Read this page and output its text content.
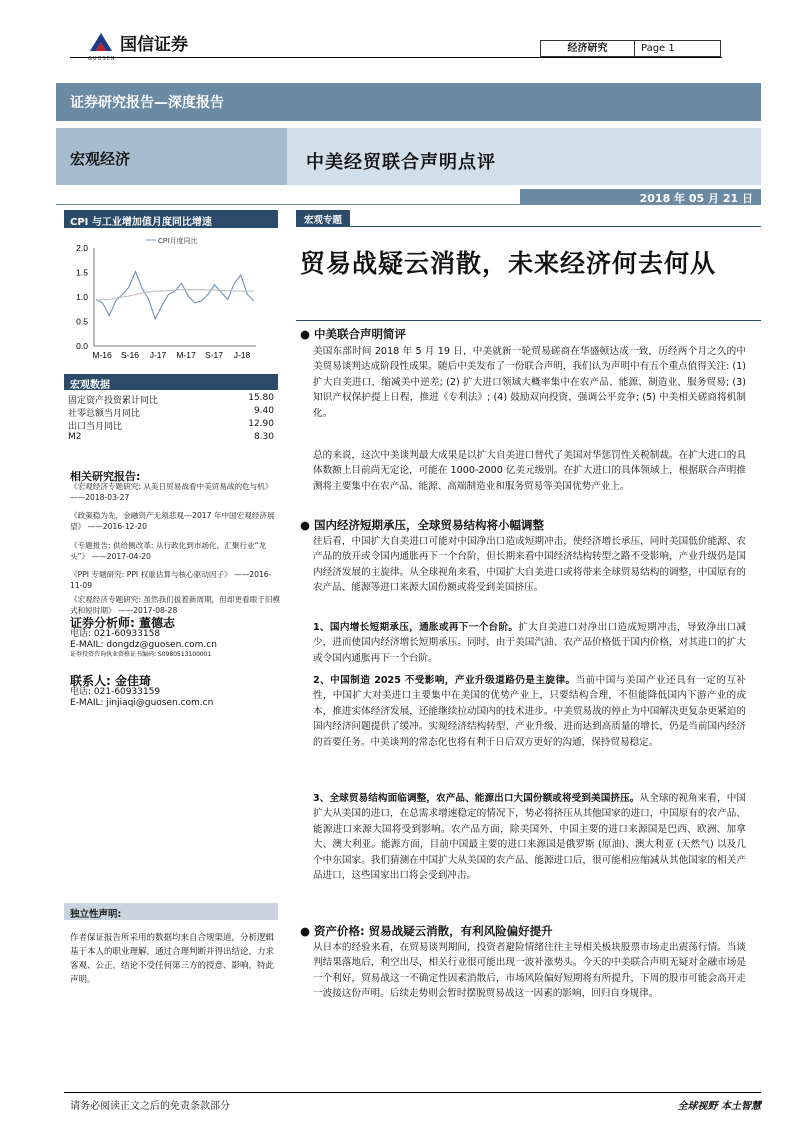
国信证券
GUOSEN
经济研究	Page 1
证券研究报告—深度报告
宏观经济	中美经贸联合声明点评
2018 年 05 月 21 日
CPI 与工业增加值月度同比增速
2.0
1.5
1.0
0.5
0.0
M-16 S-16 J-17 M-17 S-17 J-18
CPI月度同比
宏观数据
固定资产投资累计同比	15.80
社零总额当月同比	9.40
出口当月同比	12.90
M2	8.30
相关研究报告:
《宏观经济专题研究: 从美日贸易战看中美贸易战的危与机》 ——2018-03-27
《政策稳为先，金融资产无须悲观---2017 年中国宏观经济展望》 ——2016-12-20
《专题报告: 供给侧改革: 从行政化到市场化，汇聚行业“龙头”》 ——2017-04-20
《PPI 专题研究: PPI 权重估算与核心驱动因子》 ——2016-11-09
《宏观经济专题研究: 虽然我们拔着新周期，但却更看眼于旧模式和短时期》 ——2017-08-28
证券分析师: 董德志
电话: 021-60933158
E-MAIL: dongdz@guosen.com.cn
证券投资咨询执业资格证书编码: S0980513100001
联系人: 金佳琦
电话: 021-60933159
E-MAIL: jinjiaqi@guosen.com.cn
独立性声明:
作者保证报告所采用的数据均来自合规渠道，分析逻辑基于本人的职业理解，通过合理判断并得出结论，力求客观、公正，结论不受任何第三方的授意、影响，特此声明。
宏观专题
贸易战疑云消散，未来经济何去何从
● 中美联合声明简评
美国东部时间 2018 年 5 月 19 日，中美就新一轮贸易磋商在华盛顿达成一致，历经两个月之久的中美贸易谈判达成阶段性成果。随后中美发布了一份联合声明，我们认为声明中有五个重点值得关注: (1) 扩大自美进口，缩减美中逆差; (2) 扩大进口领域大概率集中在农产品、能源、制造业、服务贸易; (3) 知识产权保护提上日程，推进《专利法》; (4) 鼓励双向投资，强调公平竞争; (5) 中美相关磋商将机制化。
总的来说，这次中美谈判最大成果是以扩大自美进口替代了美国对华惩罚性关税制裁。在扩大进口的具体数额上目前尚无定论，可能在 1000-2000 亿美元级别。在扩大进口的具体领域上，根据联合声明推测将主要集中在农产品、能源、高端制造业和服务贸易等美国优势产业上。
● 国内经济短期承压，全球贸易结构将小幅调整
往后看，中国扩大自美进口可能对中国净出口造成短期冲击，使经济增长承压，同时美国低价能源、农产品的放开或令国内通胀再下一个台阶，但长期来看中国经济结构转型之路不受影响，产业升级仍是国内经济发展的主旋律。从全球视角来看，中国扩大自美进口或将带来全球贸易结构的调整，中国原有的农产品、能源等进口来源大国份额或将受到美国挤压。
1、国内增长短期承压，通胀或再下一个台阶。扩大自美进口对净出口造成短期冲击，导致净出口减少，进而使国内经济增长短期承压。同时，由于美国汽油、农产品价格低于国内价格，对其进口的扩大或令国内通胀再下一个台阶。
2、中国制造 2025 不受影响，产业升级道路仍是主旋律。当前中国与美国产业还具有一定的互补性，中国扩大对美进口主要集中在美国的优势产业上，只要结构合理，不但能降低国内下游产业的成本，推进实体经济发展，还能继续拉动国内的技术进步。中美贸易战的停止为中国解决更复杂更紧迫的国内经济问题提供了缓冲。实现经济结构转型、产业升级、进而达到高质量的增长，仍是当前国内经济的首要任务。中美谈判的常态化也将有利于日后双方更好的沟通，保持贸易稳定。
3、全球贸易结构面临调整，农产品、能源出口大国份额或将受到美国挤压。从全球的视角来看，中国扩大从美国的进口，在总需求增速稳定的情况下，势必将挤压从其他国家的进口，中国原有的农产品、能源进口来源大国将受到影响。农产品方面，除美国外，中国主要的进口来源国是巴西、欧洲、加拿大、澳大利亚。能源方面，目前中国最主要的进口来源国是俄罗斯 (原油)、澳大利亚 (天然气) 以及几个中东国家。我们猜测在中国扩大从美国的农产品、能源进口后，很可能相应缩减从其他国家的相关产品进口，这些国家出口将会受到冲击。
● 资产价格: 贸易战疑云消散，有利风险偏好提升
从日本的经验来看，在贸易谈判期间，投资者避险情绪往往主导相关板块股票市场走出震荡行情。当谈判结果落地后，利空出尽，相关行业很可能出现一波补涨势头。今天的中美联合声明无疑对金融市场是一个利好，贸易战这一不确定性因素消散后，市场风险偏好短期将有所提升，下周的股市可能会高开走一波接这份声明。后续走势则会暂时摆脱贸易战这一因素的影响，回归自身规律。
请务必阅读正文之后的免责条款部分	全球视野 本土智慧
